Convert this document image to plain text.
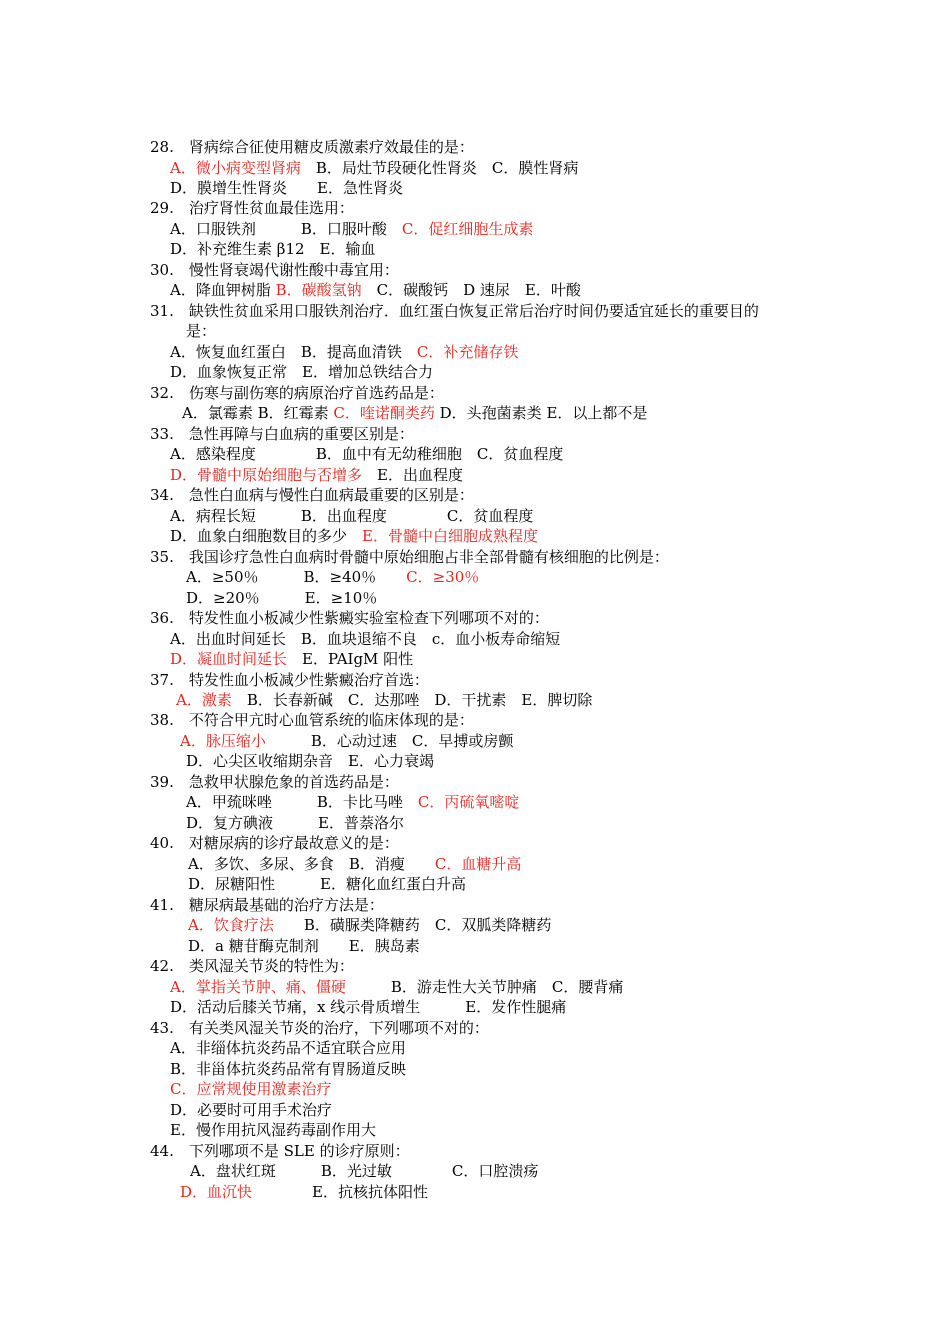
28.　肾病综合征使用糖皮质激素疗效最佳的是：
A．微小病变型肾病　B．局灶节段硬化性肾炎　C．膜性肾病
D．膜增生性肾炎　　E．急性肾炎
29.　治疗肾性贫血最佳选用：
A．口服铁剂　　　B．口服叶酸　C．促红细胞生成素
D．补充维生素 β12　E．输血
30.　慢性肾衰竭代谢性酸中毒宜用：
A．降血钾树脂 B．碳酸氢钠　C．碳酸钙　D 速尿　E．叶酸
31.　缺铁性贫血采用口服铁剂治疗．血红蛋白恢复正常后治疗时间仍要适宜延长的重要目的
是：
A．恢复血红蛋白　B．提高血清铁　C．补充储存铁
D．血象恢复正常　E．增加总铁结合力
32.　伤寒与副伤寒的病原治疗首选药品是：
A．氯霉素 B．红霉素 C．喹诺酮类药 D．头孢菌素类 E．以上都不是
33.　急性再障与白血病的重要区别是：
A．感染程度　　　　B．血中有无幼稚细胞　C．贫血程度
D．骨髓中原始细胞与否增多　E．出血程度
34.　急性白血病与慢性白血病最重要的区别是：
A．病程长短　　　B．出血程度　　　　C．贫血程度
D．血象白细胞数目的多少　E．骨髓中白细胞成熟程度
35.　我国诊疗急性白血病时骨髓中原始细胞占非全部骨髓有核细胞的比例是：
A．≥50％　　　B．≥40％　　C．≥30％
D．≥20％　　　E．≥10％
36.　特发性血小板减少性紫癜实验室检查下列哪项不对的：
A．出血时间延长　B．血块退缩不良　c．血小板寿命缩短
D．凝血时间延长　E．PAIgM 阳性
37.　特发性血小板减少性紫癜治疗首选：
A．激素　B．长春新碱　C．达那唑　D．干扰素　E．脾切除
38.　不符合甲亢时心血管系统的临床体现的是：
A．脉压缩小　　　B．心动过速　C．早搏或房颤
D．心尖区收缩期杂音　E．心力衰竭
39.　急救甲状腺危象的首选药品是：
A．甲巯咪唑　　　B．卡比马唑　C．丙硫氧嘧啶
D．复方碘液　　　E．普萘洛尔
40.　对糖尿病的诊疗最故意义的是：
A．多饮、多尿、多食　B．消瘦　　C．血糖升高
D．尿糖阳性　　　E．糖化血红蛋白升高
41.　糖尿病最基础的治疗方法是：
A．饮食疗法　　B．磺脲类降糖药　C．双胍类降糖药
D．a 糖苷酶克制剂　　E．胰岛素
42.　类风湿关节炎的特性为：
A．掌指关节肿、痛、僵硬　　　B．游走性大关节肿痛　C．腰背痛
D．活动后膝关节痛，x 线示骨质增生　　　E．发作性腿痛
43.　有关类风湿关节炎的治疗，下列哪项不对的：
A．非缁体抗炎药品不适宜联合应用
B．非甾体抗炎药品常有胃肠道反映
C．应常规使用激素治疗
D．必要时可用手术治疗
E．慢作用抗风湿药毒副作用大
44.　下列哪项不是 SLE 的诊疗原则：
A．盘状红斑　　　B．光过敏　　　　C．口腔溃疡
D．血沉快　　　　E．抗核抗体阳性
